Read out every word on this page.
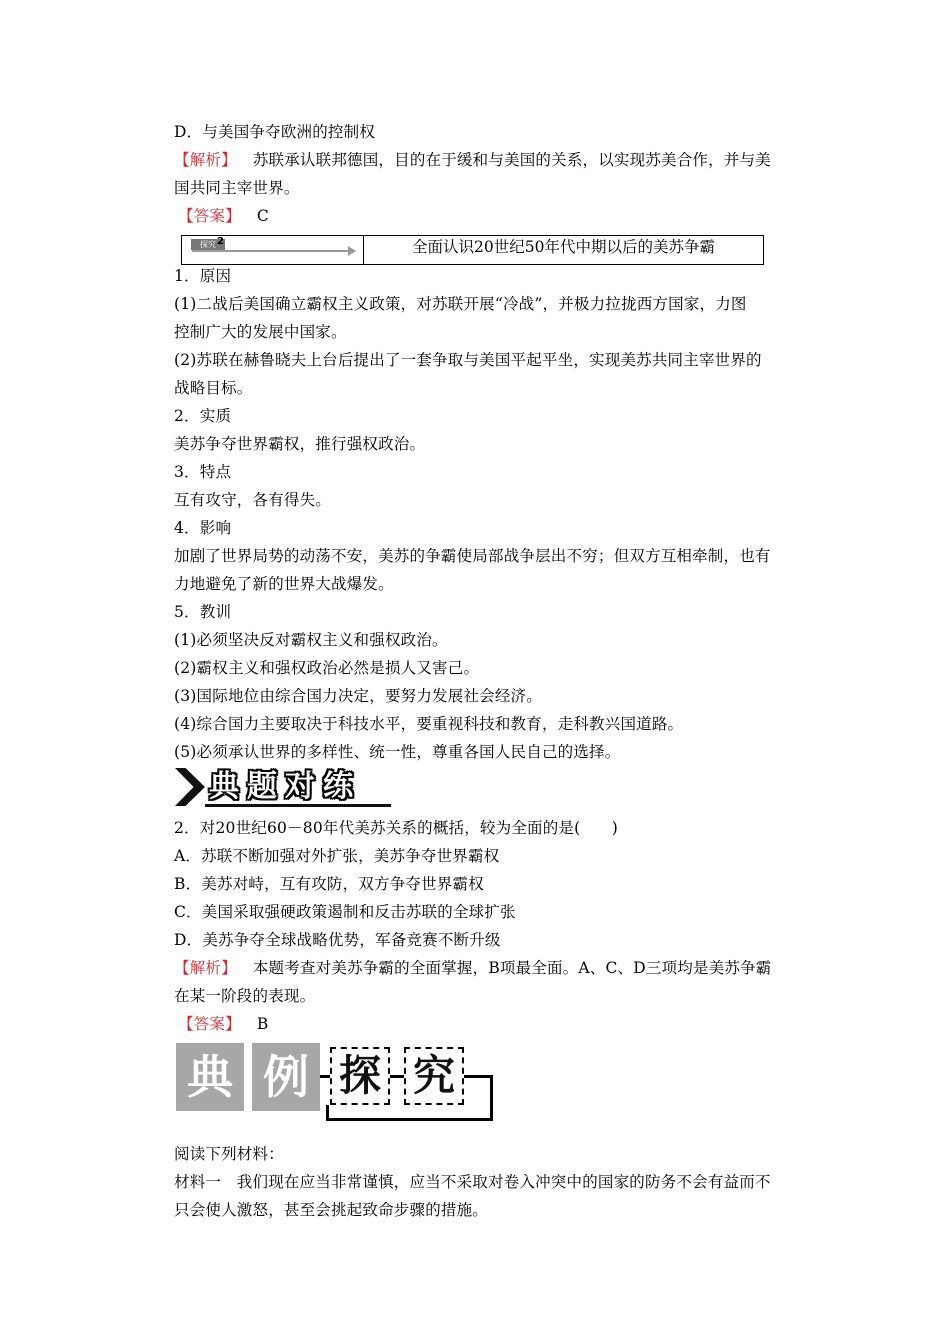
D．与美国争夺欧洲的控制权
【解析】 苏联承认联邦德国，目的在于缓和与美国的关系，以实现苏美合作，并与美
国共同主宰世界。
【答案】 C
探究 2	全面认识20世纪50年代中期以后的美苏争霸
1．原因
(1)二战后美国确立霸权主义政策，对苏联开展“冷战”，并极力拉拢西方国家，力图
控制广大的发展中国家。
(2)苏联在赫鲁晓夫上台后提出了一套争取与美国平起平坐，实现美苏共同主宰世界的
战略目标。
2．实质
美苏争夺世界霸权，推行强权政治。
3．特点
互有攻守，各有得失。
4．影响
加剧了世界局势的动荡不安，美苏的争霸使局部战争层出不穷；但双方互相牵制，也有
力地避免了新的世界大战爆发。
5．教训
(1)必须坚决反对霸权主义和强权政治。
(2)霸权主义和强权政治必然是损人又害己。
(3)国际地位由综合国力决定，要努力发展社会经济。
(4)综合国力主要取决于科技水平，要重视科技和教育，走科教兴国道路。
(5)必须承认世界的多样性、统一性，尊重各国人民自己的选择。
典题对练
2．对20世纪60－80年代美苏关系的概括，较为全面的是(　　)
A．苏联不断加强对外扩张，美苏争夺世界霸权
B．美苏对峙，互有攻防，双方争夺世界霸权
C．美国采取强硬政策遏制和反击苏联的全球扩张
D．美苏争夺全球战略优势，军备竞赛不断升级
【解析】 本题考查对美苏争霸的全面掌握，B项最全面。A、C、D三项均是美苏争霸
在某一阶段的表现。
【答案】 B
典 例 探 究
阅读下列材料：
材料一　我们现在应当非常谨慎，应当不采取对卷入冲突中的国家的防务不会有益而不
只会使人激怒，甚至会挑起致命步骤的措施。
